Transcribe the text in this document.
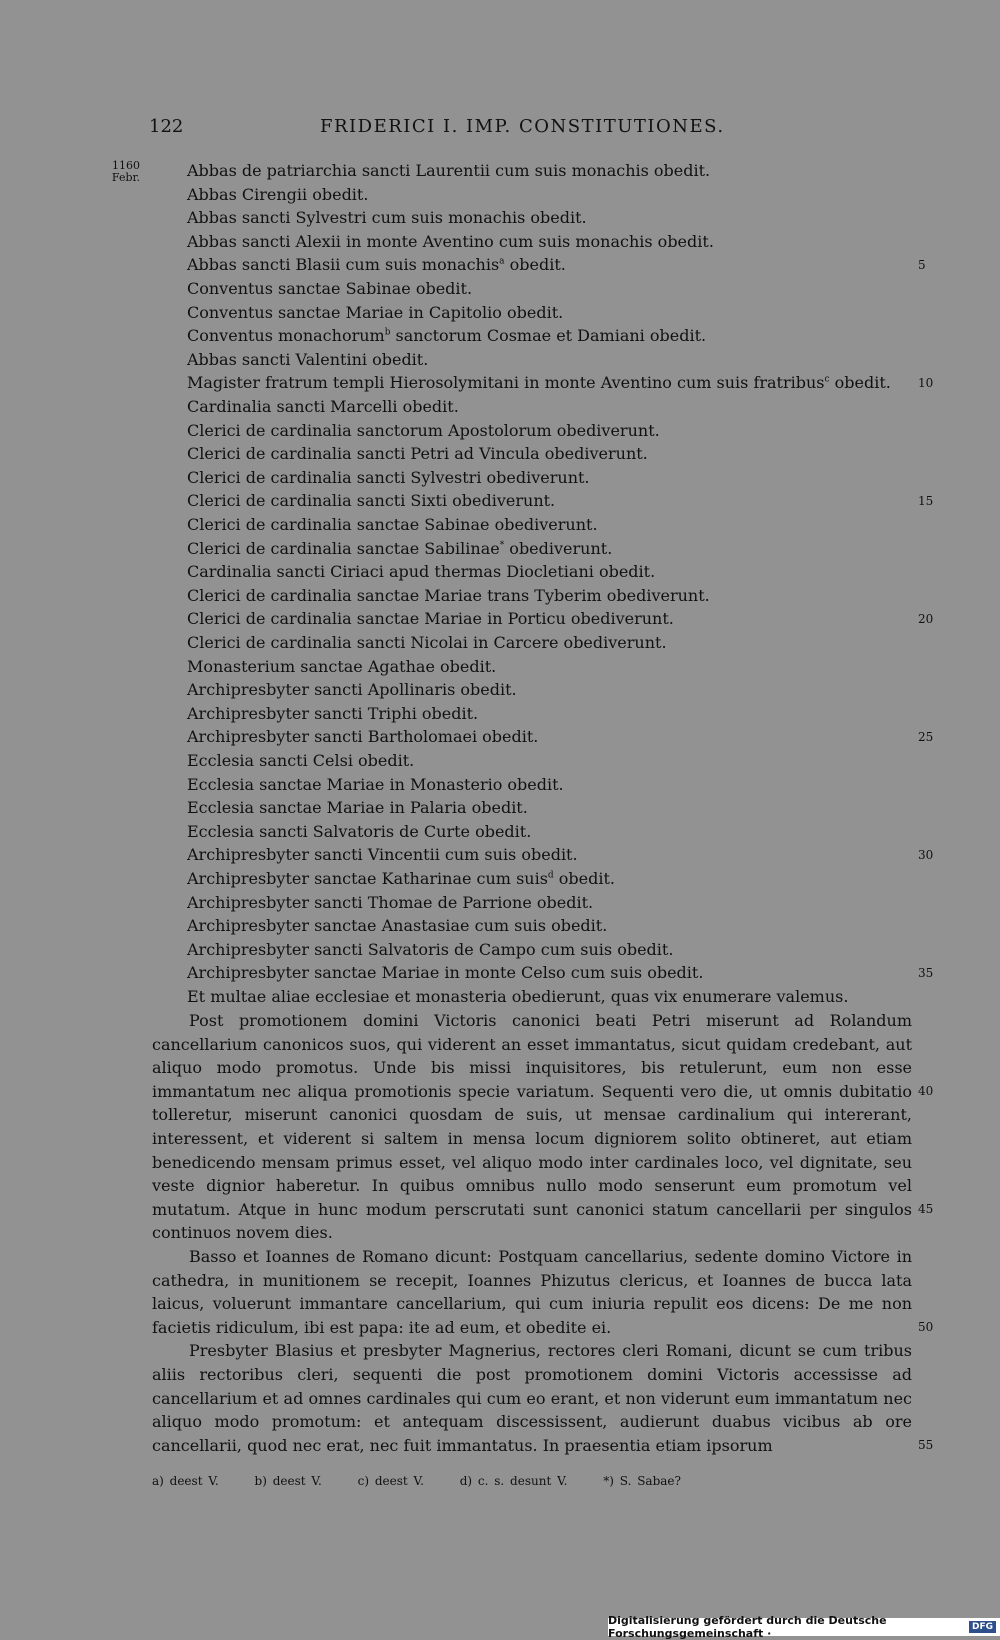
122	FRIDERICI I. IMP. CONSTITUTIONES.
1160
Febr.	Abbas de patriarchia sancti Laurentii cum suis monachis obedit.
Abbas Cirengii obedit.
Abbas sancti Sylvestri cum suis monachis obedit.
Abbas sancti Alexii in monte Aventino cum suis monachis obedit.
Abbas sancti Blasii cum suis monachis$^a$ obedit.
Conventus sanctae Sabinae obedit.
Conventus sanctae Mariae in Capitolio obedit.
Conventus monachorum$^b$ sanctorum Cosmae et Damiani obedit.
Abbas sancti Valentini obedit.
Magister fratrum templi Hierosolymitani in monte Aventino cum suis fratribus$^c$ obedit.
Cardinalia sancti Marcelli obedit.
Clerici de cardinalia sanctorum Apostolorum obediverunt.
Clerici de cardinalia sancti Petri ad Vincula obediverunt.
Clerici de cardinalia sancti Sylvestri obediverunt.
Clerici de cardinalia sancti Sixti obediverunt.
Clerici de cardinalia sanctae Sabinae obediverunt.
Clerici de cardinalia sanctae Sabilinae* obediverunt.
Cardinalia sancti Ciriaci apud thermas Diocletiani obedit.
Clerici de cardinalia sanctae Mariae trans Tyberim obediverunt.
Clerici de cardinalia sanctae Mariae in Porticu obediverunt.
Clerici de cardinalia sancti Nicolai in Carcere obediverunt.
Monasterium sanctae Agathae obedit.
Archipresbyter sancti Apollinaris obedit.
Archipresbyter sancti Triphi obedit.
Archipresbyter sancti Bartholomaei obedit.
Ecclesia sancti Celsi obedit.
Ecclesia sanctae Mariae in Monasterio obedit.
Ecclesia sanctae Mariae in Palaria obedit.
Ecclesia sancti Salvatoris de Curte obedit.
Archipresbyter sancti Vincentii cum suis obedit.
Archipresbyter sanctae Katharinae cum suis$^d$ obedit.
Archipresbyter sancti Thomae de Parrione obedit.
Archipresbyter sanctae Anastasiae cum suis obedit.
Archipresbyter sancti Salvatoris de Campo cum suis obedit.
Archipresbyter sanctae Mariae in monte Celso cum suis obedit.
Et multae aliae ecclesiae et monasteria obedierunt, quas vix enumerare valemus.
5
10
15
20
25
30
35
40
45
50
55

Post promotionem domini Victoris canonici beati Petri miserunt ad Rolandum cancellarium canonicos suos, qui viderent an esset immantatus, sicut quidam credebant, aut aliquo modo promotus. Unde bis missi inquisitores, bis retulerunt, eum non esse immantatum nec aliqua promotionis specie variatum. Sequenti vero die, ut omnis dubitatio tolleretur, miserunt canonici quosdam de suis, ut mensae cardinalium qui intererant, interessent, et viderent si saltem in mensa locum digniorem solito obtineret, aut etiam benedicendo mensam primus esset, vel aliquo modo inter cardinales loco, vel dignitate, seu veste dignior haberetur. In quibus omnibus nullo modo senserunt eum promotum vel mutatum. Atque in hunc modum perscrutati sunt canonici statum cancellarii per singulos continuos novem dies.

Basso et Ioannes de Romano dicunt: Postquam cancellarius, sedente domino Victore in cathedra, in munitionem se recepit, Ioannes Phizutus clericus, et Ioannes de bucca lata laicus, voluerunt immantare cancellarium, qui cum iniuria repulit eos dicens: De me non facietis ridiculum, ibi est papa: ite ad eum, et obedite ei.

Presbyter Blasius et presbyter Magnerius, rectores cleri Romani, dicunt se cum tribus aliis rectoribus cleri, sequenti die post promotionem domini Victoris accessisse ad cancellarium et ad omnes cardinales qui cum eo erant, et non viderunt eum immantatum nec aliquo modo promotum: et antequam discessissent, audierunt duabus vicibus ab ore cancellarii, quod nec erat, nec fuit immantatus. In praesentia etiam ipsorum

a) deest V.	b) deest V.	c) deest V.	d) c. s. desunt V.	*) S. Sabae?
Digitalisierung gefördert durch die Deutsche Forschungsgemeinschaft ·	DFG
